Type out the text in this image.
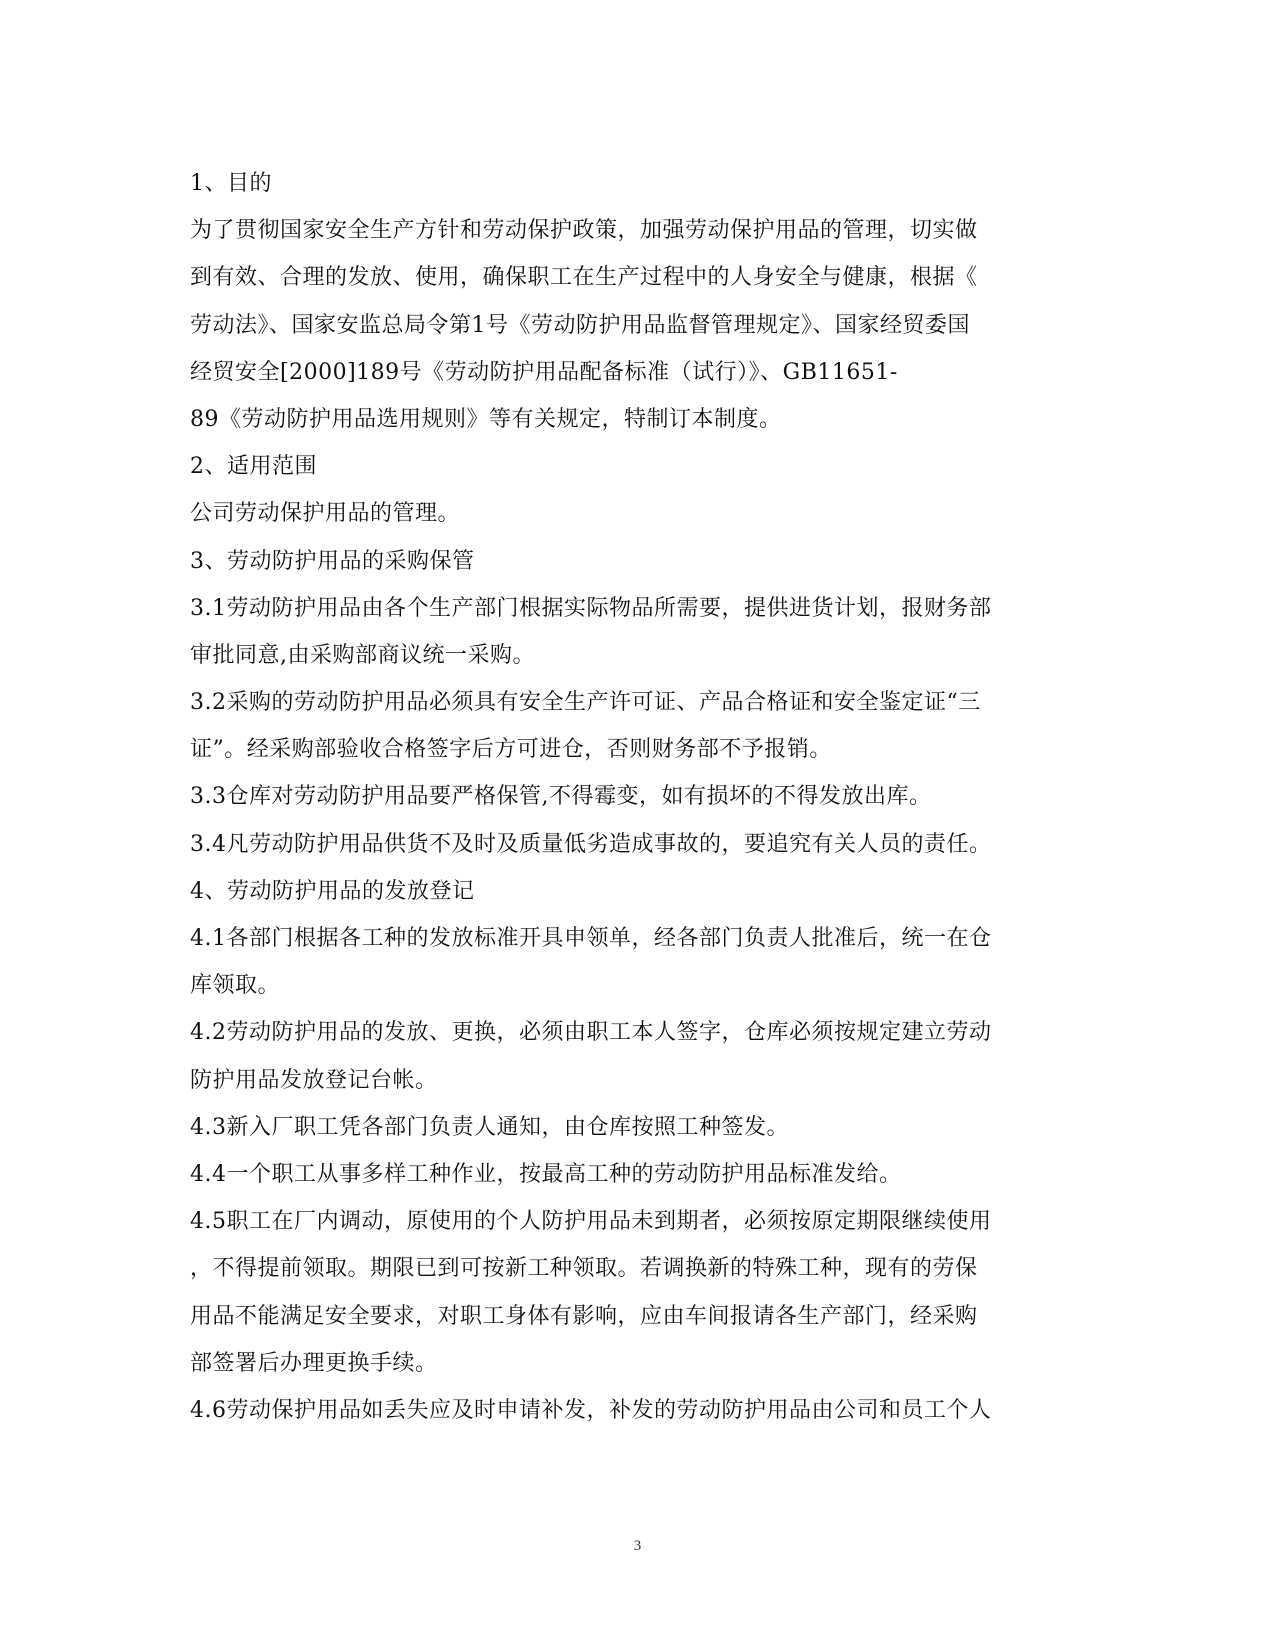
1、目的
为了贯彻国家安全生产方针和劳动保护政策，加强劳动保护用品的管理，切实做
到有效、合理的发放、使用，确保职工在生产过程中的人身安全与健康，根据《
劳动法》、国家安监总局令第1号《劳动防护用品监督管理规定》、国家经贸委国
经贸安全[2000]189号《劳动防护用品配备标准（试行）》、GB11651-
89《劳动防护用品选用规则》等有关规定，特制订本制度。
2、适用范围
公司劳动保护用品的管理。
3、劳动防护用品的采购保管
3.1劳动防护用品由各个生产部门根据实际物品所需要，提供进货计划，报财务部
审批同意,由采购部商议统一采购。
3.2采购的劳动防护用品必须具有安全生产许可证、产品合格证和安全鉴定证“三
证”。经采购部验收合格签字后方可进仓，否则财务部不予报销。
3.3仓库对劳动防护用品要严格保管,不得霉变，如有损坏的不得发放出库。
3.4凡劳动防护用品供货不及时及质量低劣造成事故的，要追究有关人员的责任。
4、劳动防护用品的发放登记
4.1各部门根据各工种的发放标准开具申领单，经各部门负责人批准后，统一在仓
库领取。
4.2劳动防护用品的发放、更换，必须由职工本人签字，仓库必须按规定建立劳动
防护用品发放登记台帐。
4.3新入厂职工凭各部门负责人通知，由仓库按照工种签发。
4.4一个职工从事多样工种作业，按最高工种的劳动防护用品标准发给。
4.5职工在厂内调动，原使用的个人防护用品未到期者，必须按原定期限继续使用
，不得提前领取。期限已到可按新工种领取。若调换新的特殊工种，现有的劳保
用品不能满足安全要求，对职工身体有影响，应由车间报请各生产部门，经采购
部签署后办理更换手续。
4.6劳动保护用品如丢失应及时申请补发，补发的劳动防护用品由公司和员工个人
3
